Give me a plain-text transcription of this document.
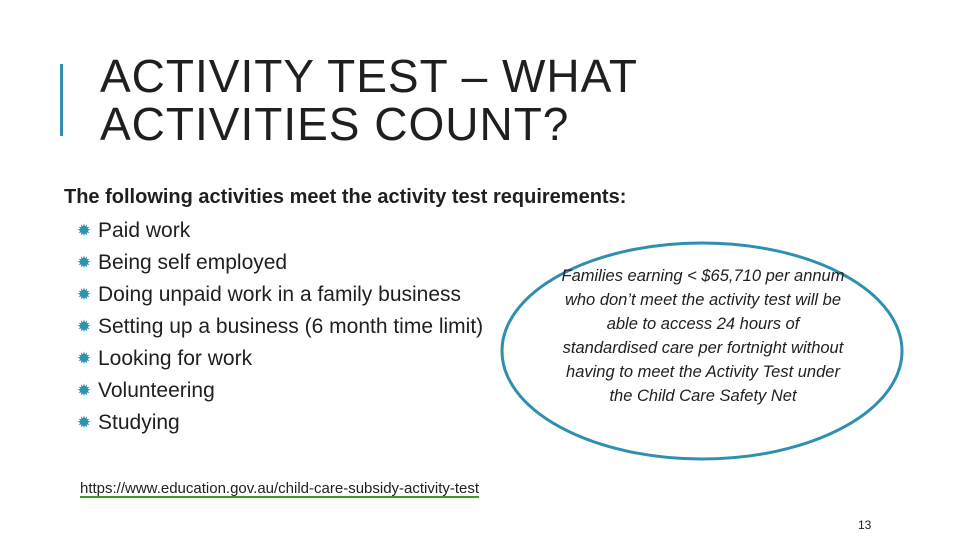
ACTIVITY TEST – WHAT
ACTIVITIES COUNT?
The following activities meet the activity test requirements:
✹ Paid work
✹ Being self employed
✹ Doing unpaid work in a family business
✹ Setting up a business (6 month time limit)
✹ Looking for work
✹ Volunteering
✹ Studying

Families earning < $65,710 per annum who don’t meet the activity test will be able to access 24 hours of standardised care per fortnight without having to meet the Activity Test under the Child Care Safety Net

https://www.education.gov.au/child-care-subsidy-activity-test
13
